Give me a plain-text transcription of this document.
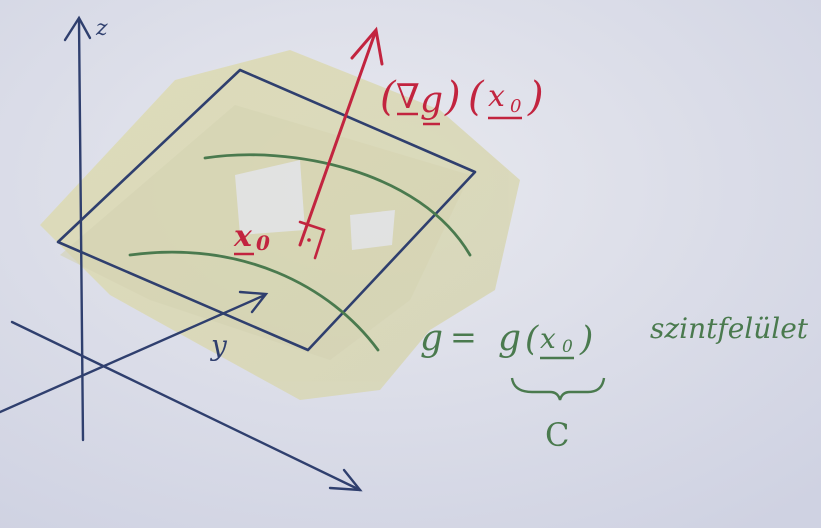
z
y
x 0
( ∇ g ) ( x 0 )
g = g ( x 0 ) szintfelület
C
